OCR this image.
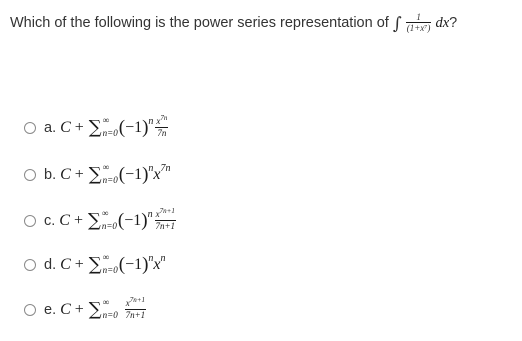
Which of the following is the power series representation of ∫ $\frac{1}{\text{(1+x⁷)}}$ dx?
a. C
+
∑ ∞
n=0 ( −1 ) n $x^{7n}$
7n
b. C
+
∑ ∞
n=0 ( −1 ) n x 7n
c. C
+
∑ ∞
n=0 ( −1 ) n $x^{7n+1}$
7n+1
d. C
+
∑ ∞
n=0 ( −1 ) n x n
e. C
+
∑ ∞
n=0
$x^{7n+1}$
7n+1
